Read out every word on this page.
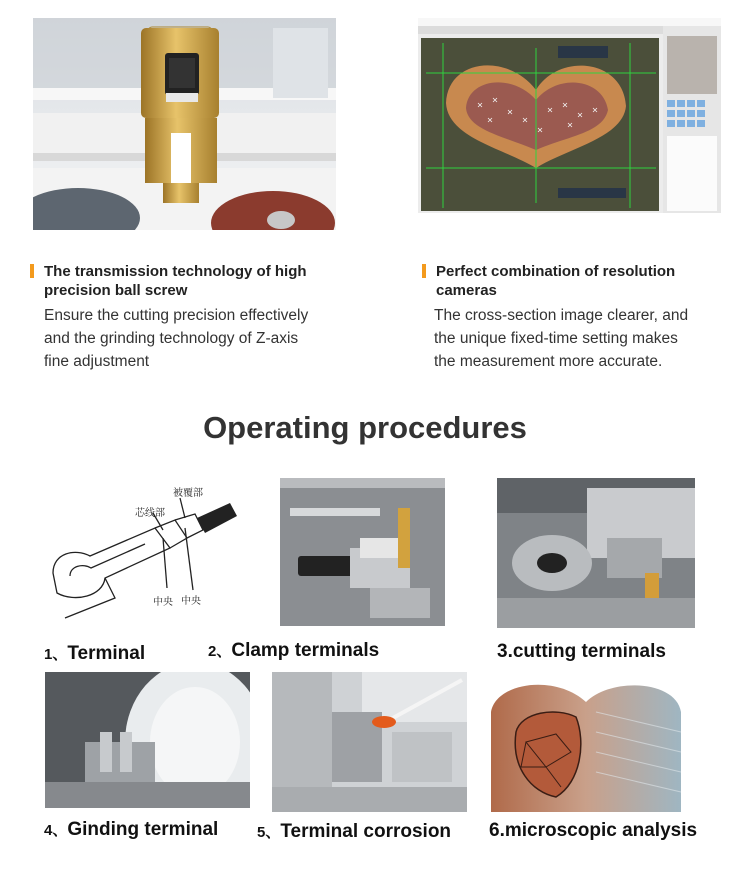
The transmission technology of high
precision ball screw
Ensure the cutting precision effectively
and the grinding technology of Z-axis
fine adjustment
Perfect combination of resolution
cameras
The cross-section image clearer, and
the unique fixed-time setting makes
the measurement more accurate.
Operating procedures
被覆部
芯线部
中央 中央
1、Terminal	2、Clamp terminals	3.cutting terminals
4、Ginding terminal	5、Terminal corrosion 6.microscopic analysis
